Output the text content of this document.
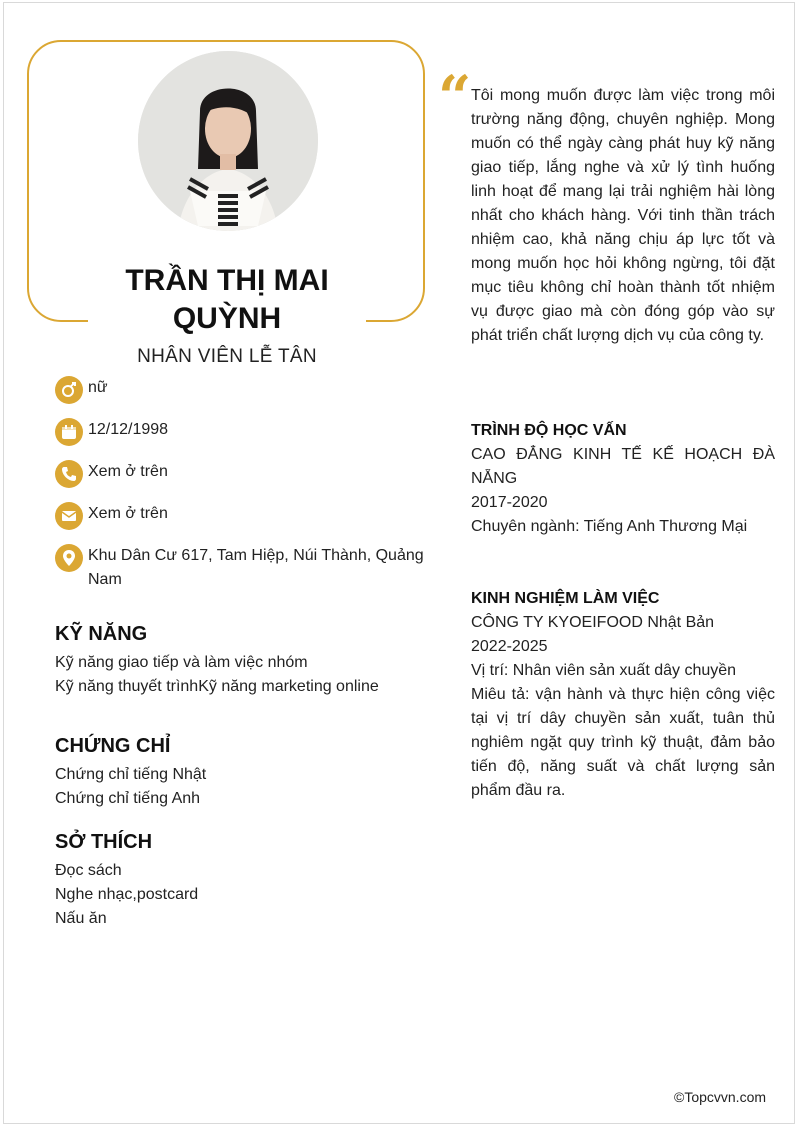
TRẦN THỊ MAI
QUỲNH
NHÂN VIÊN LỄ TÂN
nữ
12/12/1998
Xem ở trên
Xem ở trên
Khu Dân Cư 617, Tam Hiệp, Núi Thành, Quảng Nam
KỸ NĂNG
Kỹ năng giao tiếp và làm việc nhóm
Kỹ năng thuyết trìnhKỹ năng marketing online
CHỨNG CHỈ
Chứng chỉ tiếng Nhật
Chứng chỉ tiếng Anh
SỞ THÍCH
Đọc sách
Nghe nhạc,postcard
Nấu ăn
“ Tôi mong muốn được làm việc trong môi trường năng động, chuyên nghiệp. Mong muốn có thể ngày càng phát huy kỹ năng giao tiếp, lắng nghe và xử lý tình huống linh hoạt để mang lại trải nghiệm hài lòng nhất cho khách hàng. Với tinh thần trách nhiệm cao, khả năng chịu áp lực tốt và mong muốn học hỏi không ngừng, tôi đặt mục tiêu không chỉ hoàn thành tốt nhiệm vụ được giao mà còn đóng góp vào sự phát triển chất lượng dịch vụ của công ty.
TRÌNH ĐỘ HỌC VẤN
CAO ĐẲNG KINH TẾ KẾ HOẠCH ĐÀ NẴNG
2017-2020
Chuyên ngành: Tiếng Anh Thương Mại
KINH NGHIỆM LÀM VIỆC
CÔNG TY KYOEIFOOD Nhật Bản
2022-2025
Vị trí: Nhân viên sản xuất dây chuyền
Miêu tả: vận hành và thực hiện công việc tại vị trí dây chuyền sản xuất, tuân thủ nghiêm ngặt quy trình kỹ thuật, đảm bảo tiến độ, năng suất và chất lượng sản phẩm đầu ra.
©Topcvvn.com
